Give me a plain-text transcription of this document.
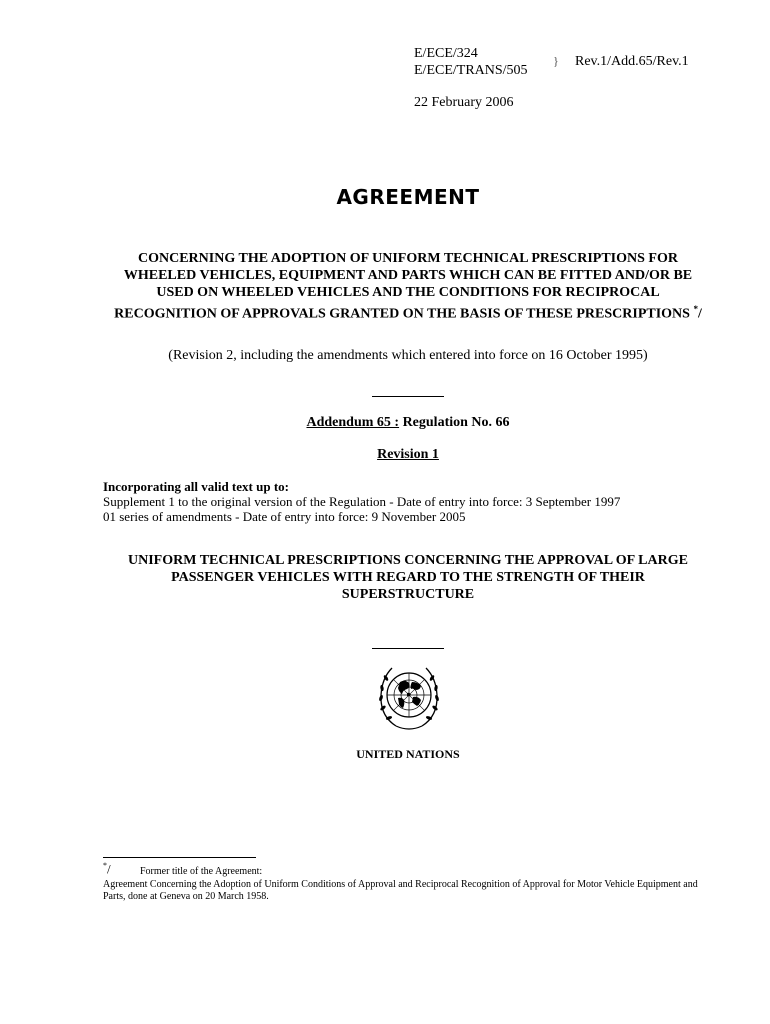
E/ECE/324
E/ECE/TRANS/505
} Rev.1/Add.65/Rev.1
22 February 2006
AGREEMENT
CONCERNING THE ADOPTION OF UNIFORM TECHNICAL PRESCRIPTIONS FOR WHEELED VEHICLES, EQUIPMENT AND PARTS WHICH CAN BE FITTED AND/OR BE USED ON WHEELED VEHICLES AND THE CONDITIONS FOR RECIPROCAL RECOGNITION OF APPROVALS GRANTED ON THE BASIS OF THESE PRESCRIPTIONS */
(Revision 2, including the amendments which entered into force on 16 October 1995)
Addendum 65 : Regulation No. 66
Revision 1
Incorporating all valid text up to:
Supplement 1 to the original version of the Regulation - Date of entry into force: 3 September 1997
01 series of amendments - Date of entry into force: 9 November 2005
UNIFORM TECHNICAL PRESCRIPTIONS CONCERNING THE APPROVAL OF LARGE PASSENGER VEHICLES WITH REGARD TO THE STRENGTH OF THEIR SUPERSTRUCTURE
UNITED NATIONS
*/	Former title of the Agreement:
Agreement Concerning the Adoption of Uniform Conditions of Approval and Reciprocal Recognition of Approval for Motor Vehicle Equipment and Parts, done at Geneva on 20 March 1958.
